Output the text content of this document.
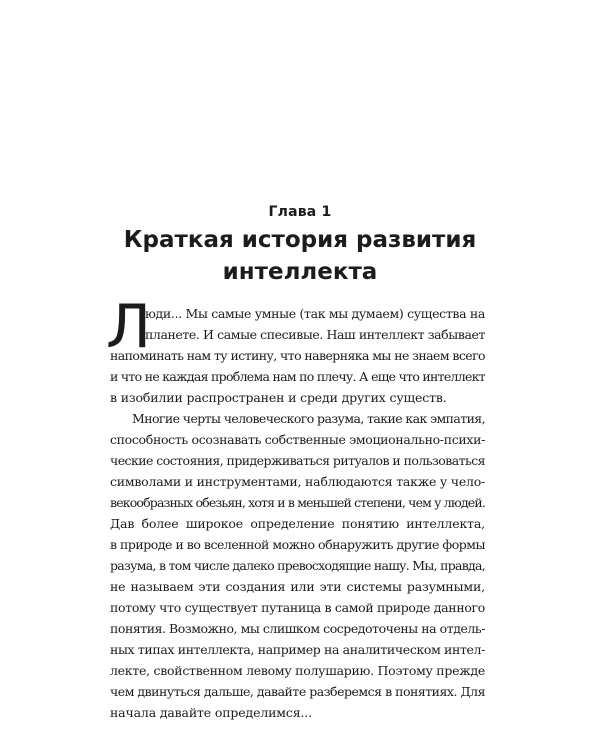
Глава 1
Краткая история развития
интеллекта
Л
юди... Мы самые умные (так мы думаем) существа на
планете. И самые спесивые. Наш интеллект забывает
напоминать нам ту истину, что наверняка мы не знаем всего
и что не каждая проблема нам по плечу. А еще что интеллект
в изобилии распространен и среди других существ.
Многие черты человеческого разума, такие как эмпатия,
способность осознавать собственные эмоционально-психи-
ческие состояния, придерживаться ритуалов и пользоваться
символами и инструментами, наблюдаются также у чело-
векообразных обезьян, хотя и в меньшей степени, чем у людей.
Дав более широкое определение понятию интеллекта,
в природе и во вселенной можно обнаружить другие формы
разума, в том числе далеко превосходящие нашу. Мы, правда,
не называем эти создания или эти системы разумными,
потому что существует путаница в самой природе данного
понятия. Возможно, мы слишком сосредоточены на отдель-
ных типах интеллекта, например на аналитическом интел-
лекте, свойственном левому полушарию. Поэтому прежде
чем двинуться дальше, давайте разберемся в понятиях. Для
начала давайте определимся...
